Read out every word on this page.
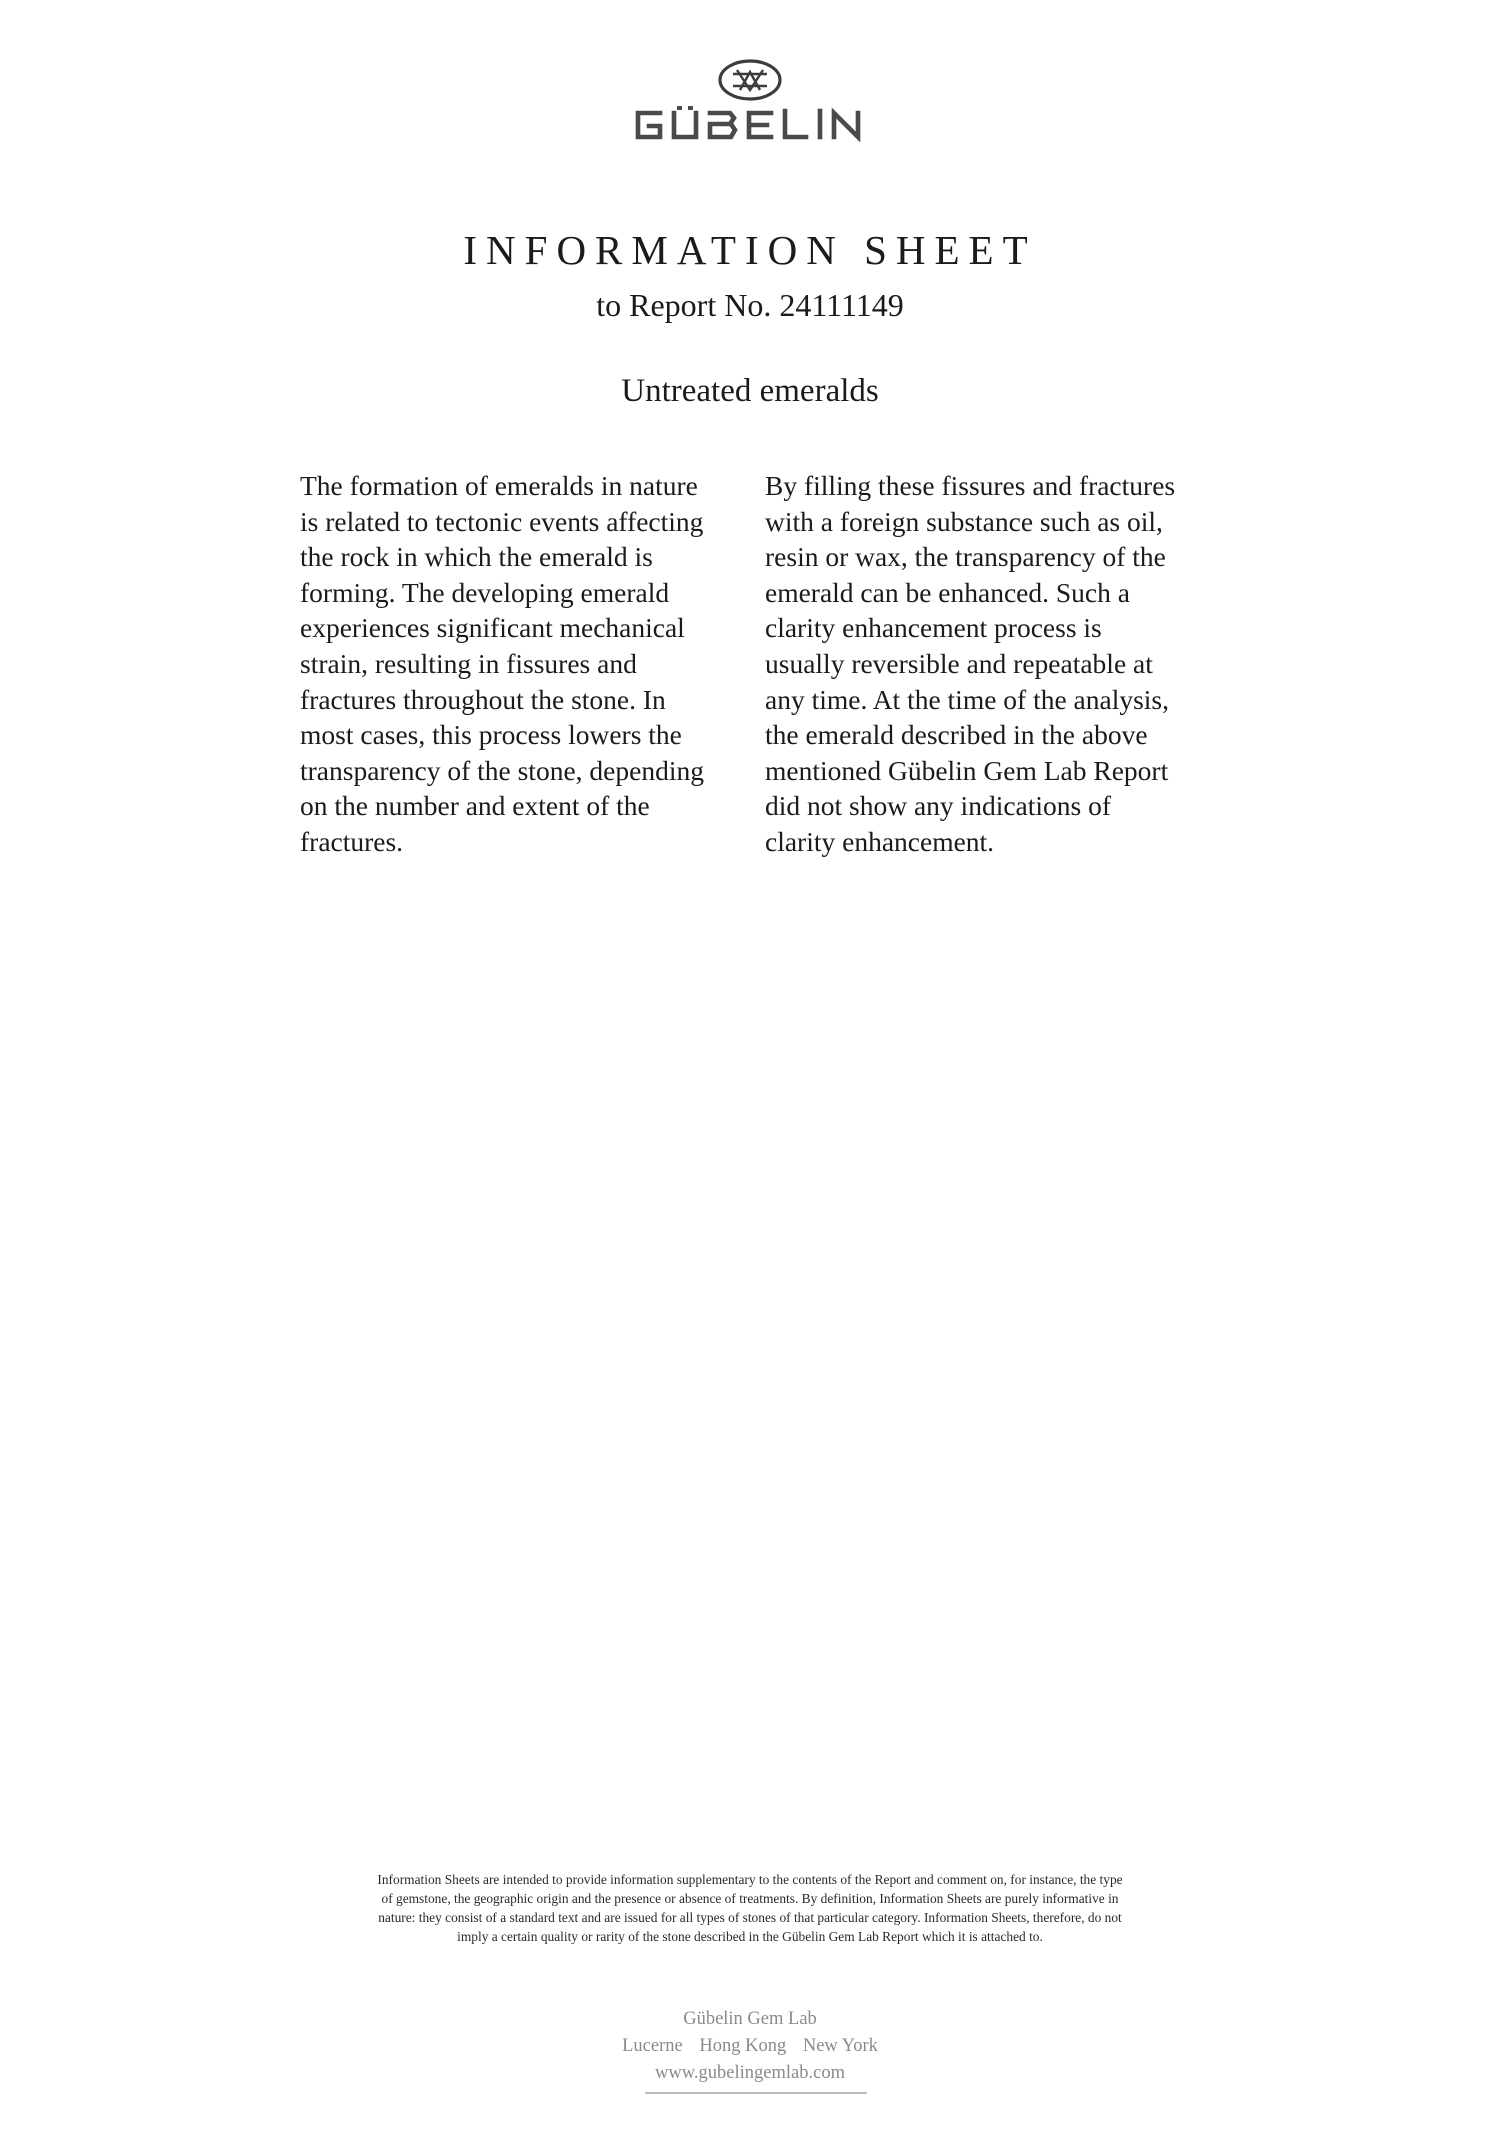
INFORMATION SHEET
to Report No. 24111149
Untreated emeralds
The formation of emeralds in nature
is related to tectonic events affecting
the rock in which the emerald is
forming. The developing emerald
experiences significant mechanical
strain, resulting in fissures and
fractures throughout the stone. In
most cases, this process lowers the
transparency of the stone, depending
on the number and extent of the
fractures.
By filling these fissures and fractures
with a foreign substance such as oil,
resin or wax, the transparency of the
emerald can be enhanced. Such a
clarity enhancement process is
usually reversible and repeatable at
any time. At the time of the analysis,
the emerald described in the above
mentioned Gübelin Gem Lab Report
did not show any indications of
clarity enhancement.
Information Sheets are intended to provide information supplementary to the contents of the Report and comment on, for instance, the type
of gemstone, the geographic origin and the presence or absence of treatments. By definition, Information Sheets are purely informative in
nature: they consist of a standard text and are issued for all types of stones of that particular category. Information Sheets, therefore, do not
imply a certain quality or rarity of the stone described in the Gübelin Gem Lab Report which it is attached to.
Gübelin Gem Lab
Lucerne Hong Kong New York
www.gubelingemlab.com
